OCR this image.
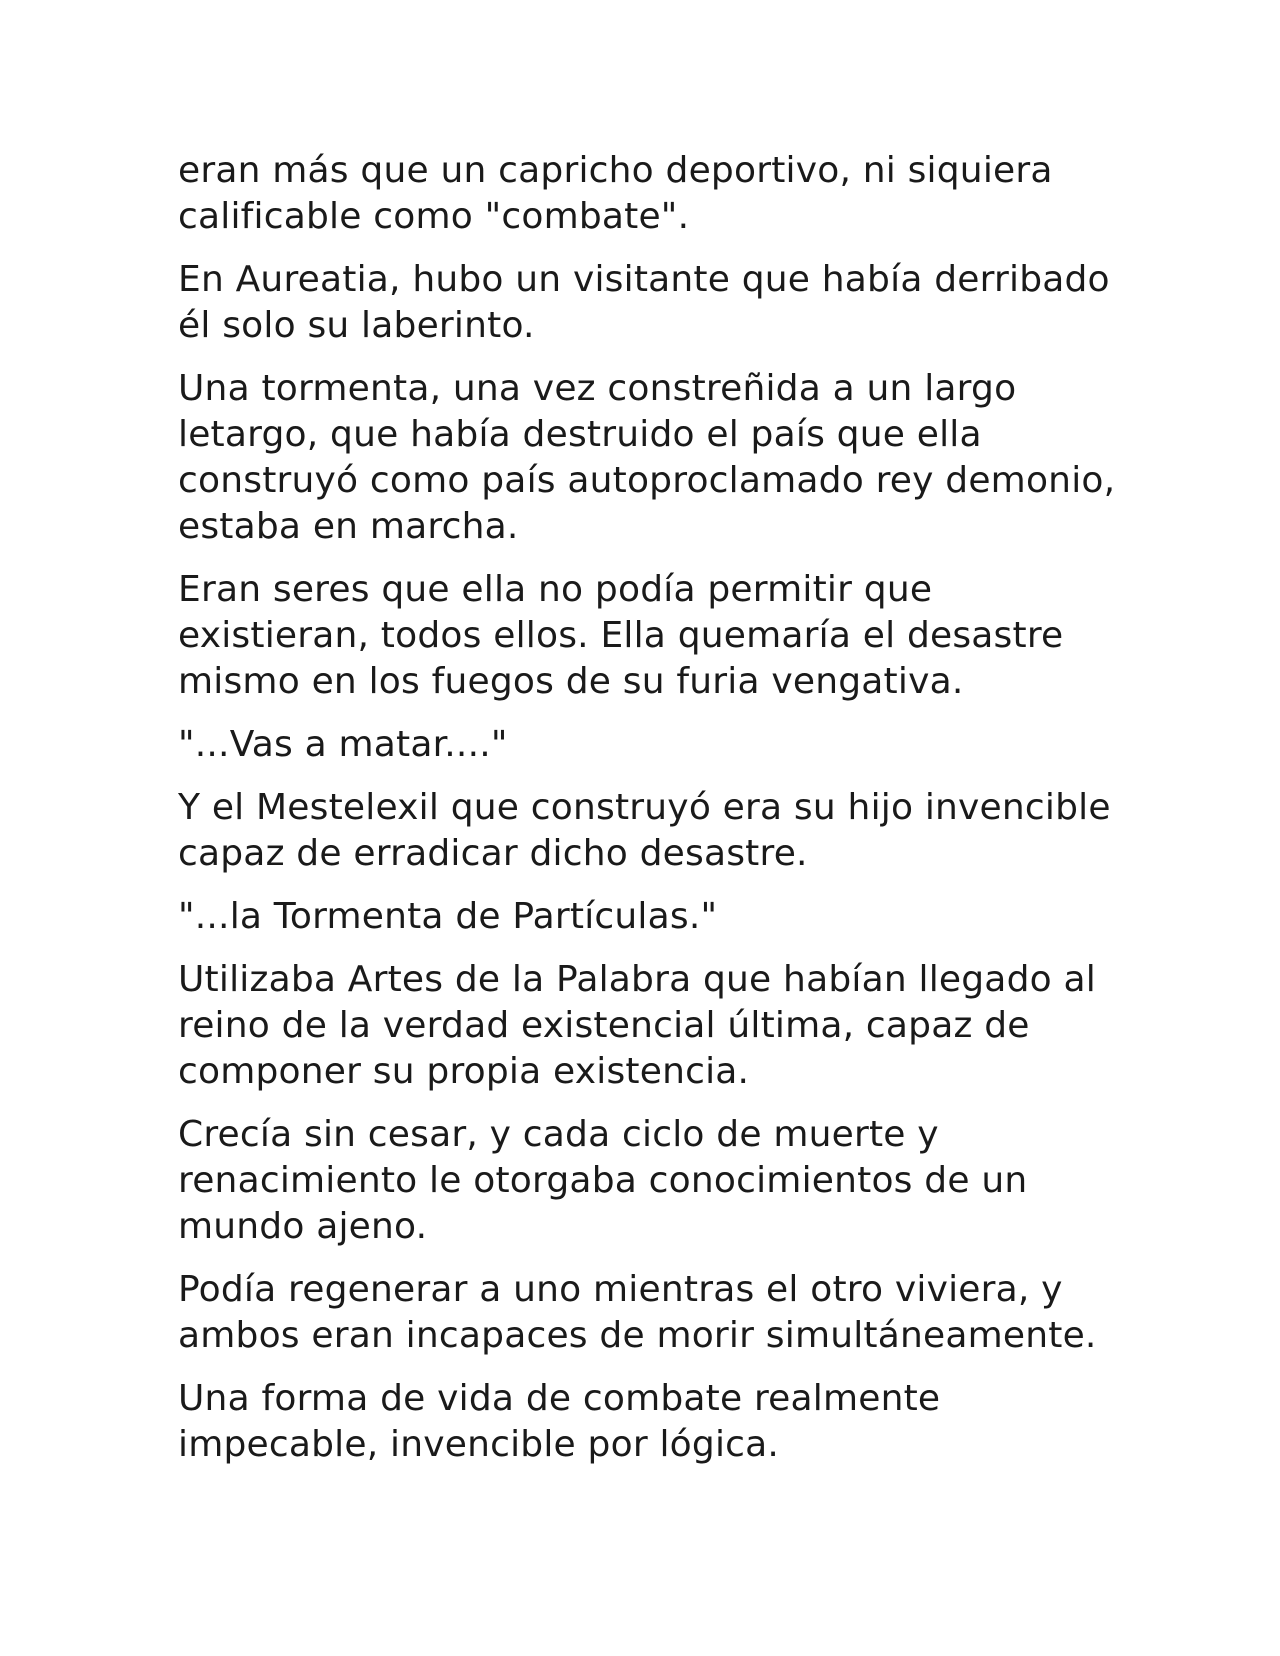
eran más que un capricho deportivo, ni siquiera calificable como "combate".

En Aureatia, hubo un visitante que había derribado él solo su laberinto.

Una tormenta, una vez constreñida a un largo letargo, que había destruido el país que ella construyó como país autoproclamado rey demonio, estaba en marcha.

Eran seres que ella no podía permitir que existieran, todos ellos. Ella quemaría el desastre mismo en los fuegos de su furia vengativa.

"...Vas a matar...."

Y el Mestelexil que construyó era su hijo invencible capaz de erradicar dicho desastre.

"...la Tormenta de Partículas."

Utilizaba Artes de la Palabra que habían llegado al reino de la verdad existencial última, capaz de componer su propia existencia.

Crecía sin cesar, y cada ciclo de muerte y renacimiento le otorgaba conocimientos de un mundo ajeno.

Podía regenerar a uno mientras el otro viviera, y ambos eran incapaces de morir simultáneamente.

Una forma de vida de combate realmente impecable, invencible por lógica.
